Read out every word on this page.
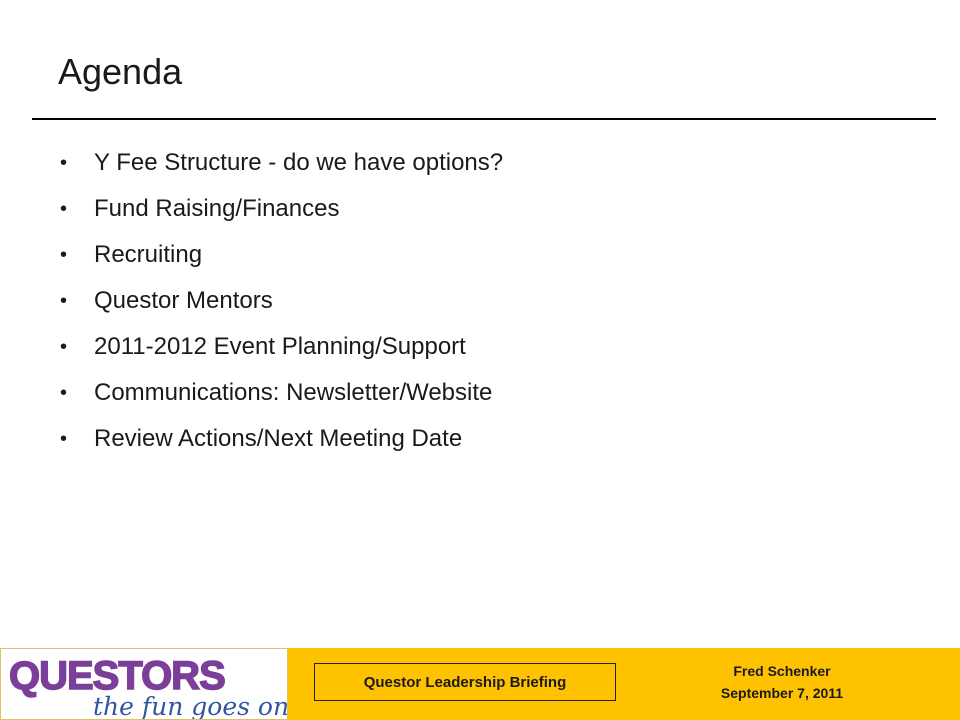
Agenda
• Y Fee Structure - do we have options?
• Fund Raising/Finances
• Recruiting
• Questor Mentors
• 2011-2012 Event Planning/Support
• Communications: Newsletter/Website
• Review Actions/Next Meeting Date
QUESTORS
the fun goes on
Questor Leadership Briefing
Fred Schenker
September 7, 2011
